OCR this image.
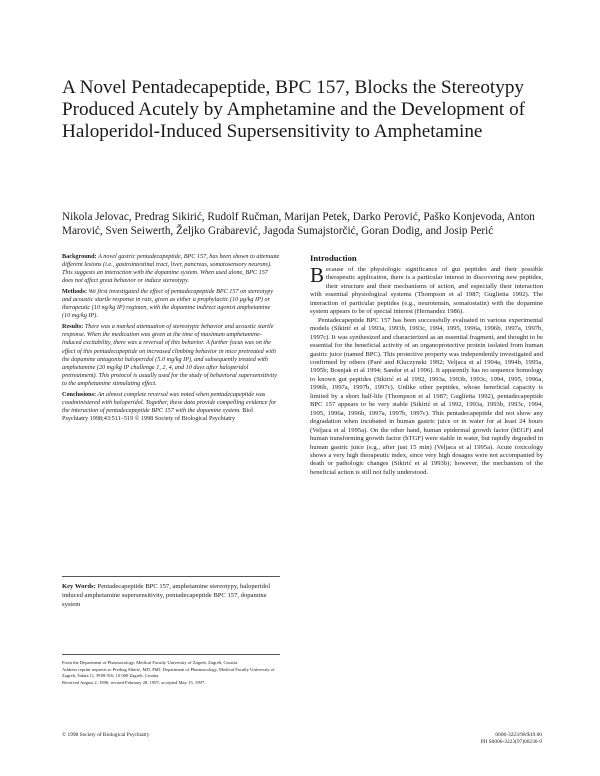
A Novel Pentadecapeptide, BPC 157, Blocks the Stereotypy Produced Acutely by Amphetamine and the Development of Haloperidol-Induced Supersensitivity to Amphetamine

Nikola Jelovac, Predrag Sikirić, Rudolf Ručman, Marijan Petek, Darko Perović, Paško Konjevoda, Anton Marović, Sven Seiwerth, Željko Grabarević, Jagoda Sumajstorčić, Goran Dodig, and Josip Perić

Background: A novel gastric pentadecapeptide, BPC 157, has been shown to attenuate different lesions (i.e., gastrointestinal tract, liver, pancreas, somatosensory neurons). This suggests an interaction with the dopamine system. When used alone, BPC 157 does not affect great behavior or induce stereotypy.

Methods: We first investigated the effect of pentadecapeptide BPC 157 on stereotypy and acoustic startle response in rats, given as either a prophylactic (10 μg/kg IP) or therapeutic (10 ng/kg IP) regimen, with the dopamine indirect agonist amphetamine (10 mg/kg IP).

Results: There was a marked attenuation of stereotypic behavior and acoustic startle response. When the medication was given at the time of maximum amphetamine-induced excitability, there was a reversal of this behavior. A further focus was on the effect of this pentadecapeptide on increased climbing behavior in mice pretreated with the dopamine antagonist haloperidol (5.0 mg/kg IP), and subsequently treated with amphetamine (20 mg/kg IP challenge 1, 2, 4, and 10 days after haloperidol pretreatment). This protocol is usually used for the study of behavioral supersensitivity to the amphetamine stimulating effect.

Conclusions: An almost complete reversal was noted when pentadecapeptide was coadministered with haloperidol. Together, these data provide compelling evidence for the interaction of pentadecapeptide BPC 157 with the dopamine system. Biol Psychiatry 1998;43:511–519 © 1998 Society of Biological Psychiatry

Key Words: Pentadecapeptide BPC 157, amphetamine stereotypy, haloperidol induced amphetamine supersensitivity, pentadecapeptide BPC 157, dopamine system

From the Department of Pharmacology, Medical Faculty University of Zagreb, Zagreb, Croatia.

Address reprint requests to Predrag Sikirić, MD, PhD, Department of Pharmacology, Medical Faculty University of Zagreb, Šalata 11, POB 916, 10 000 Zagreb, Croatia.

Received August 2, 1996; revised February 28, 1997; accepted May 15, 1997.

Introduction

Because of the physiologic significance of gut peptides and their possible therapeutic application, there is a particular interest in discovering new peptides, their structure and their mechanisms of action, and especially their interaction with essential physiological systems (Thompson et al 1987; Guglietta 1992). The interaction of particular peptides (e.g., neurotensin, somatostatin) with the dopamine system appears to be of special interest (Hernandez 1986).

Pentadecapeptide BPC 157 has been successfully evaluated in various experimental models (Sikirić et al 1993a, 1993b, 1993c, 1994, 1995, 1996a, 1996b, 1997a, 1997b, 1997c). It was synthesized and characterized as an essential fragment, and thought to be essential for the beneficial activity of an organoprotective protein isolated from human gastric juice (named BPC). This protective property was independently investigated and confirmed by others (Paré and Kluczynski 1992; Veljaca et al 1994a, 1994b, 1995a, 1995b; Bosnjak et al 1994; Sandor et al 1996). It apparently has no sequence homology to known gut peptides (Sikirić et al 1992, 1993a, 1993b, 1993c, 1994, 1995, 1996a, 1996b, 1997a, 1997b, 1997c). Unlike other peptides, whose beneficial capacity is limited by a short half-life (Thompson et al 1987; Guglietta 1992), pentadecapeptide BPC 157 appears to be very stable (Sikirić et al 1992, 1993a, 1993b, 1993c, 1994, 1995, 1996a, 1996b, 1997a, 1997b, 1997c). This pentadecapeptide did not show any degradation when incubated in human gastric juice or in water for at least 24 hours (Veljaca et al 1995a). On the other hand, human epidermal growth factor (hEGF) and human transforming growth factor (hTGF) were stable in water, but rapidly degraded in human gastric juice (e.g., after just 15 min) (Veljaca et al 1995a). Acute toxicology shows a very high therapeutic index, since very high dosages were not accompanied by death or pathologic changes (Sikirić et al 1993b); however, the mechanism of the beneficial action is still not fully understood.

© 1998 Society of Biological Psychiatry	0006-3223/98/$19.00
PII S0006-3223(97)00236-9
